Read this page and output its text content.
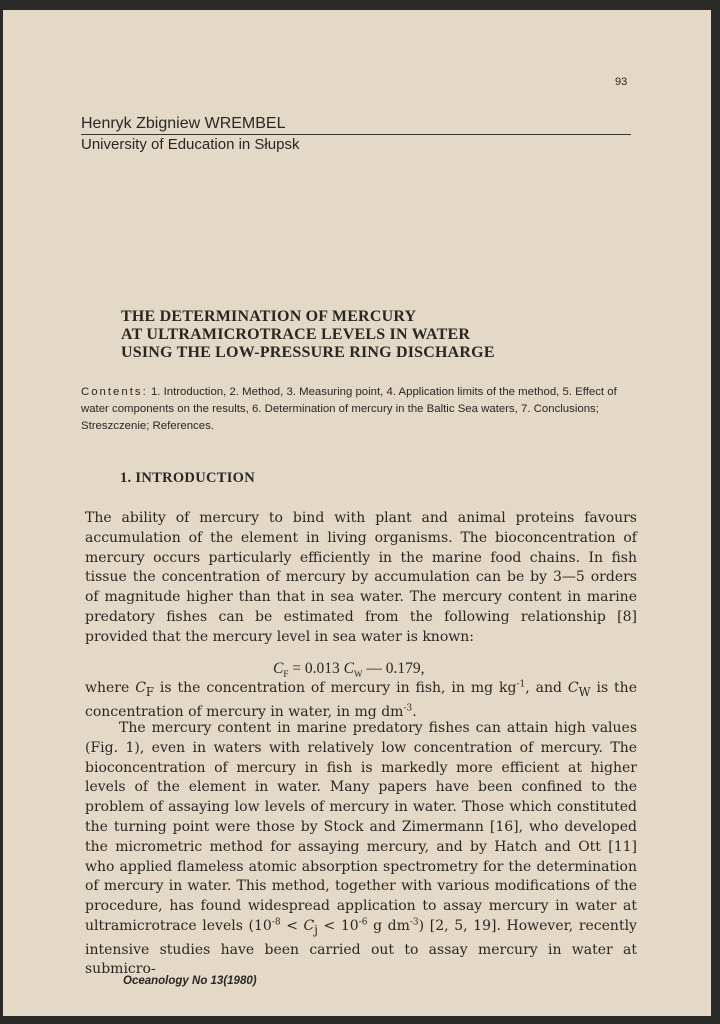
93
Henryk Zbigniew WREMBEL
University of Education in Słupsk
THE DETERMINATION OF MERCURY
AT ULTRAMICROTRACE LEVELS IN WATER
USING THE LOW-PRESSURE RING DISCHARGE
Contents: 1. Introduction, 2. Method, 3. Measuring point, 4. Application limits of the method, 5. Effect of water components on the results, 6. Determination of mercury in the Baltic Sea waters, 7. Conclusions; Streszczenie; References.
1. INTRODUCTION

The ability of mercury to bind with plant and animal proteins favours accumulation of the element in living organisms. The bioconcentration of mercury occurs particularly efficiently in the marine food chains. In fish tissue the concentration of mercury by accumulation can be by 3—5 orders of magnitude higher than that in sea water. The mercury content in marine predatory fishes can be estimated from the following relationship [8] provided that the mercury level in sea water is known:

$C_F = 0.013$ $C_W$ — 0.179,

where $C_F$ is the concentration of mercury in fish, in mg $kg^{-1}$, and $C_W$ is the concentration of mercury in water, in mg $dm^{-3}$.

The mercury content in marine predatory fishes can attain high values (Fig. 1), even in waters with relatively low concentration of mercury. The bioconcentration of mercury in fish is markedly more efficient at higher levels of the element in water. Many papers have been confined to the problem of assaying low levels of mercury in water. Those which constituted the turning point were those by Stock and Zimermann [16], who developed the micrometric method for assaying mercury, and by Hatch and Ott [11] who applied flameless atomic absorption spectrometry for the determination of mercury in water. This method, together with various modifications of the procedure, has found widespread application to assay mercury in water at ultramicrotrace levels ($10^{-8} < C_j < 10^{-6}$ g $dm^{-3}$) [2, 5, 19]. However, recently intensive studies have been carried out to assay mercury in water at submicro-

Oceanology No 13(1980)
